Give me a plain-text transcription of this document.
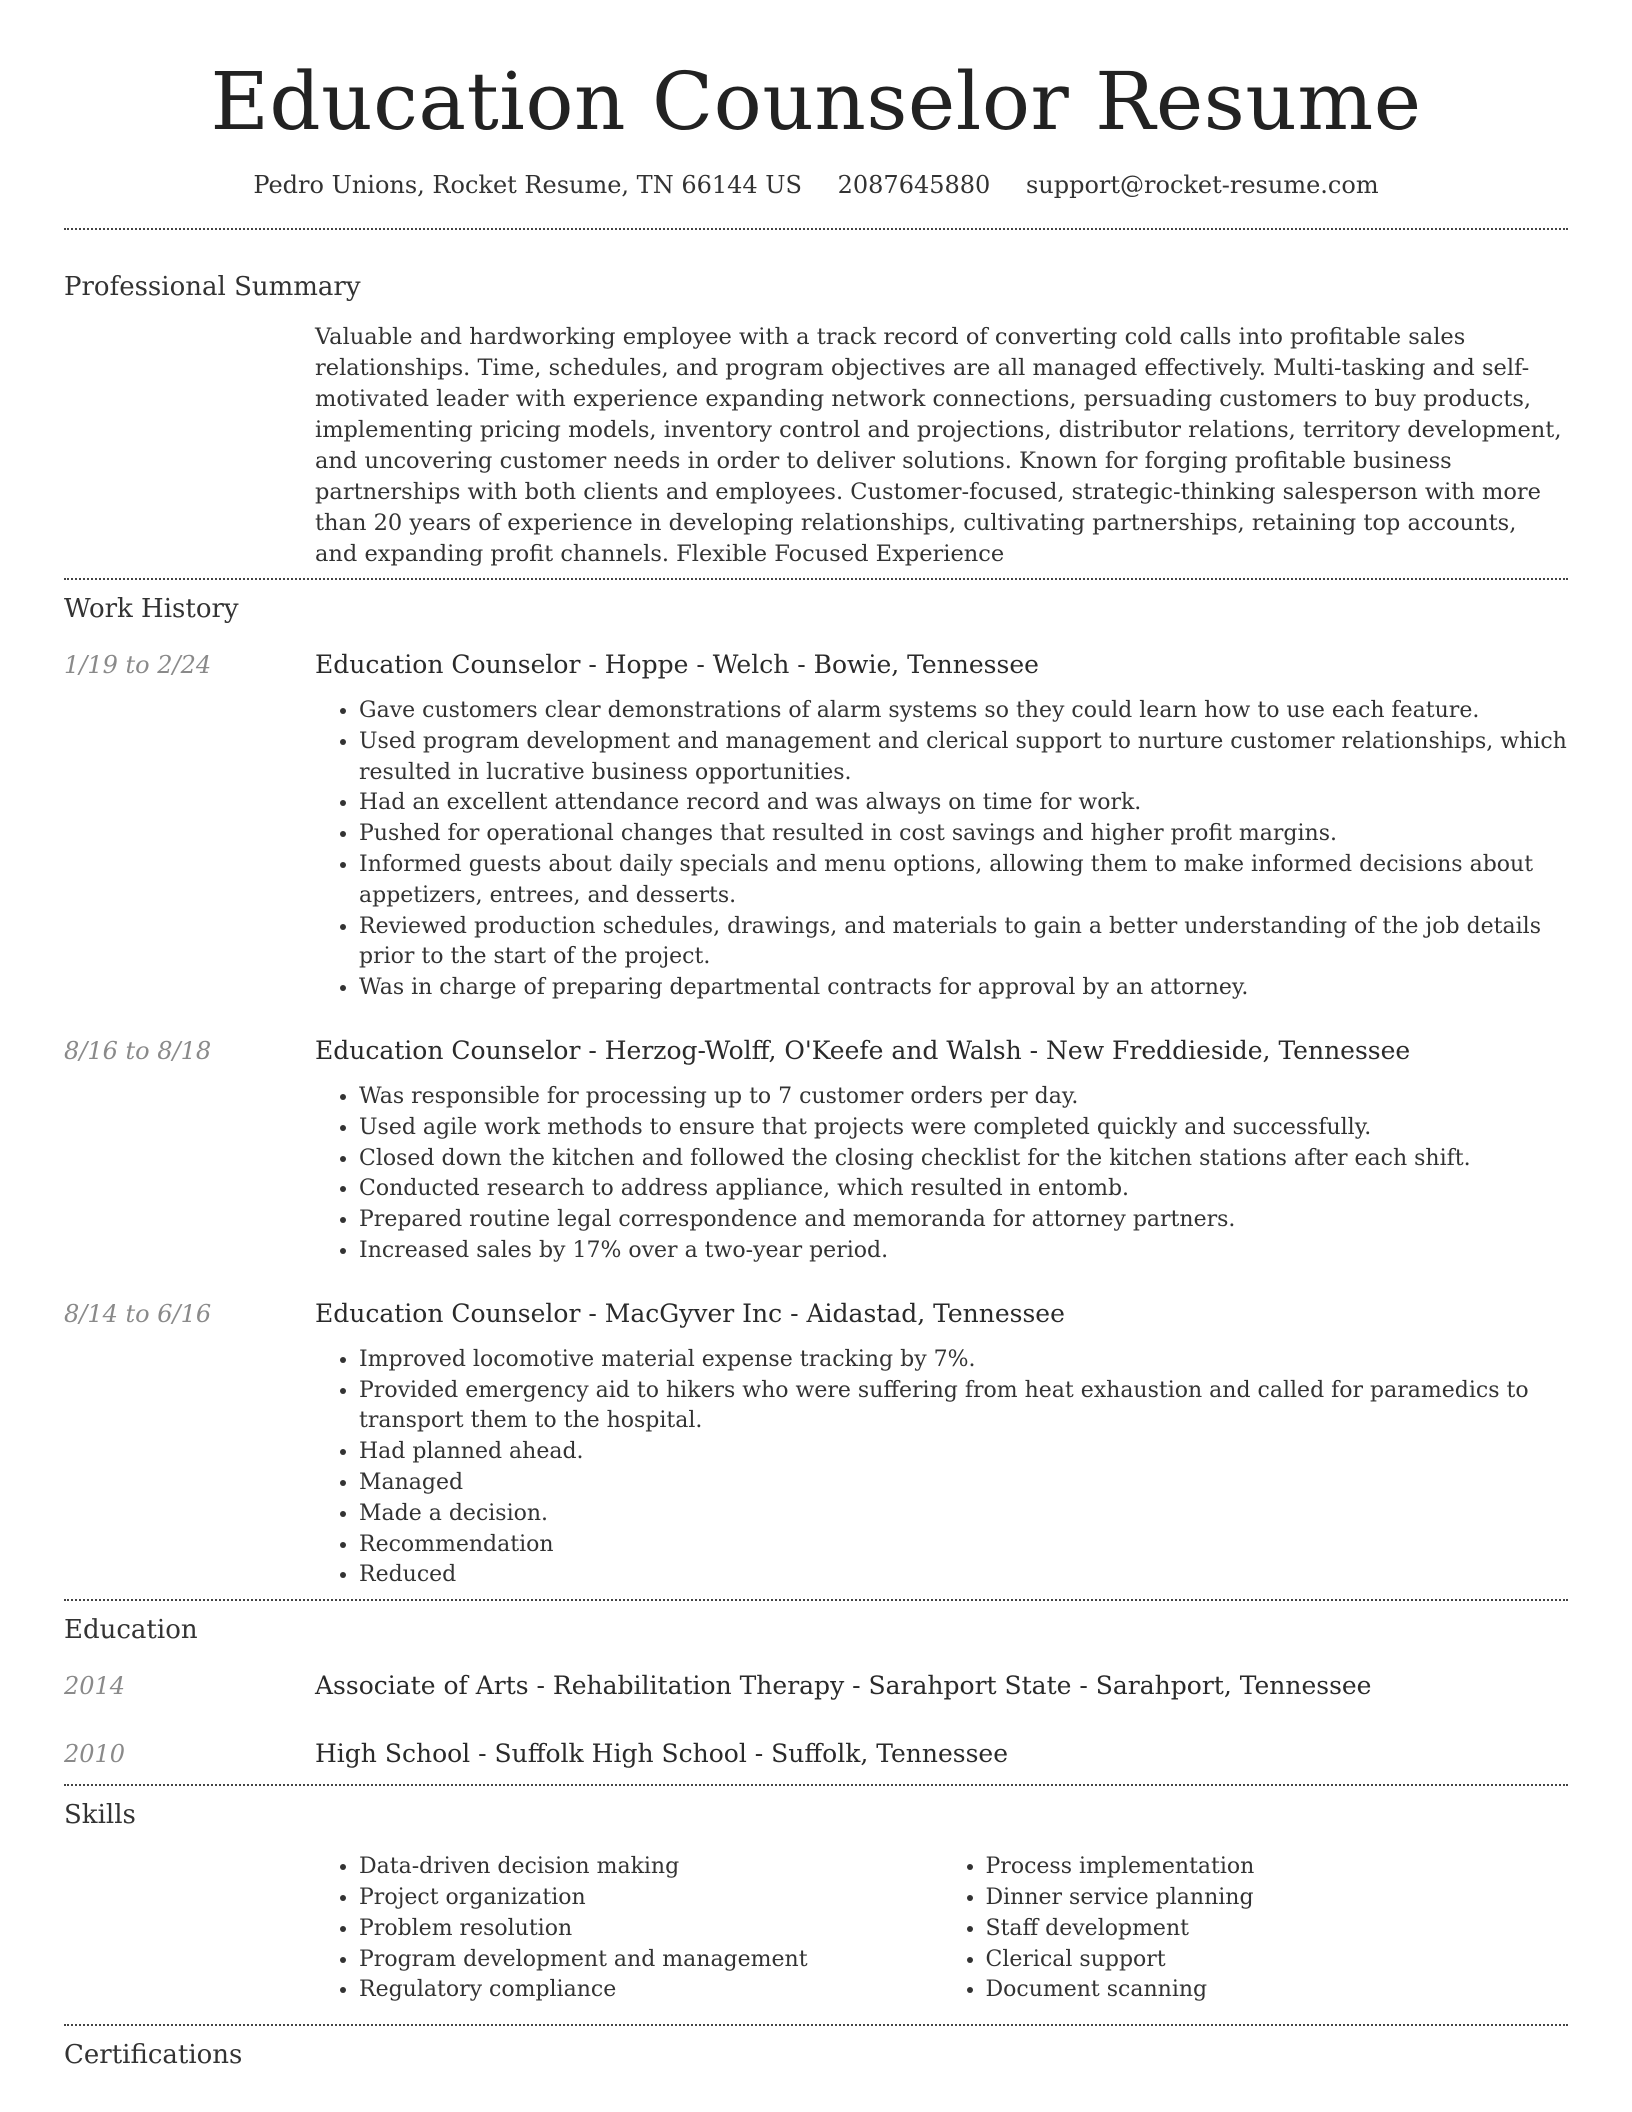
Education Counselor Resume
Pedro Unions, Rocket Resume, TN 66144 US 2087645880 support@rocket-resume.com
Professional Summary
Valuable and hardworking employee with a track record of converting cold calls into profitable sales relationships. Time, schedules, and program objectives are all managed effectively. Multi-tasking and self-motivated leader with experience expanding network connections, persuading customers to buy products, implementing pricing models, inventory control and projections, distributor relations, territory development, and uncovering customer needs in order to deliver solutions. Known for forging profitable business partnerships with both clients and employees. Customer-focused, strategic-thinking salesperson with more than 20 years of experience in developing relationships, cultivating partnerships, retaining top accounts, and expanding profit channels. Flexible Focused Experience
Work History
1/19 to 2/24	Education Counselor - Hoppe - Welch - Bowie, Tennessee
• Gave customers clear demonstrations of alarm systems so they could learn how to use each feature.
• Used program development and management and clerical support to nurture customer relationships, which resulted in lucrative business opportunities.
• Had an excellent attendance record and was always on time for work.
• Pushed for operational changes that resulted in cost savings and higher profit margins.
• Informed guests about daily specials and menu options, allowing them to make informed decisions about appetizers, entrees, and desserts.
• Reviewed production schedules, drawings, and materials to gain a better understanding of the job details prior to the start of the project.
• Was in charge of preparing departmental contracts for approval by an attorney.
8/16 to 8/18	Education Counselor - Herzog-Wolff, O'Keefe and Walsh - New Freddieside, Tennessee
• Was responsible for processing up to 7 customer orders per day.
• Used agile work methods to ensure that projects were completed quickly and successfully.
• Closed down the kitchen and followed the closing checklist for the kitchen stations after each shift.
• Conducted research to address appliance, which resulted in entomb.
• Prepared routine legal correspondence and memoranda for attorney partners.
• Increased sales by 17% over a two-year period.
8/14 to 6/16	Education Counselor - MacGyver Inc - Aidastad, Tennessee
• Improved locomotive material expense tracking by 7%.
• Provided emergency aid to hikers who were suffering from heat exhaustion and called for paramedics to transport them to the hospital.
• Had planned ahead.
• Managed
• Made a decision.
• Recommendation
• Reduced
Education
2014	Associate of Arts - Rehabilitation Therapy - Sarahport State - Sarahport, Tennessee
2010	High School - Suffolk High School - Suffolk, Tennessee
Skills
• Data-driven decision making
• Project organization
• Problem resolution
• Program development and management
• Regulatory compliance
• Process implementation
• Dinner service planning
• Staff development
• Clerical support
• Document scanning
Certifications
